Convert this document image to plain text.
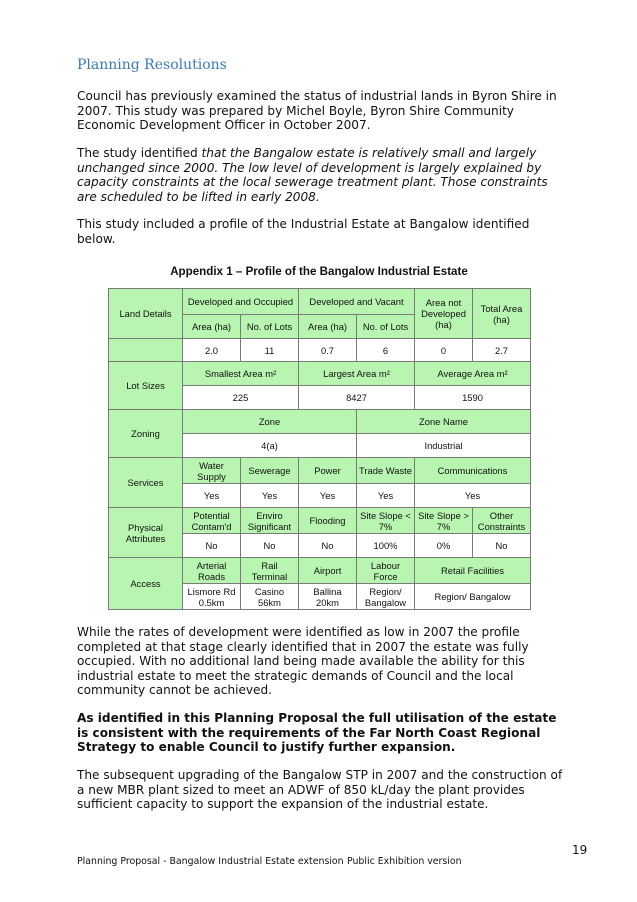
Planning Resolutions

Council has previously examined the status of industrial lands in Byron Shire in 2007. This study was prepared by Michel Boyle, Byron Shire Community Economic Development Officer in October 2007.

The study identified that the Bangalow estate is relatively small and largely unchanged since 2000. The low level of development is largely explained by capacity constraints at the local sewerage treatment plant. Those constraints are scheduled to be lifted in early 2008.

This study included a profile of the Industrial Estate at Bangalow identified below.

Appendix 1 – Profile of the Bangalow Industrial Estate
Land Details	Developed and Occupied		Developed and Vacant		Area not Developed (ha)	Total Area (ha)
	Area (ha)	No. of Lots	Area (ha)	No. of Lots		
	2.0	11	0.7	6	0	2.7
Lot Sizes	Smallest Area m²		Largest Area m²		Average Area m²	
	225		8427		1590	
Zoning	Zone			Zone Name		
	4(a)			Industrial		
Services	Water Supply	Sewerage	Power	Trade Waste	Communications	
	Yes	Yes	Yes	Yes	Yes	
Physical Attributes	Potential Contam'd	Enviro Significant	Flooding	Site Slope < 7%	Site Slope > 7%	Other Constraints
	No	No	No	100%	0%	No
Access	Arterial Roads	Rail Terminal	Airport	Labour Force	Retail Facilities	
	Lismore Rd 0.5km	Casino 56km	Ballina 20km	Region/ Bangalow	Region/ Bangalow	

While the rates of development were identified as low in 2007 the profile completed at that stage clearly identified that in 2007 the estate was fully occupied. With no additional land being made available the ability for this industrial estate to meet the strategic demands of Council and the local community cannot be achieved.

As identified in this Planning Proposal the full utilisation of the estate is consistent with the requirements of the Far North Coast Regional Strategy to enable Council to justify further expansion.

The subsequent upgrading of the Bangalow STP in 2007 and the construction of a new MBR plant sized to meet an ADWF of 850 kL/day the plant provides sufficient capacity to support the expansion of the industrial estate.

19
Planning Proposal - Bangalow Industrial Estate extension Public Exhibition version
